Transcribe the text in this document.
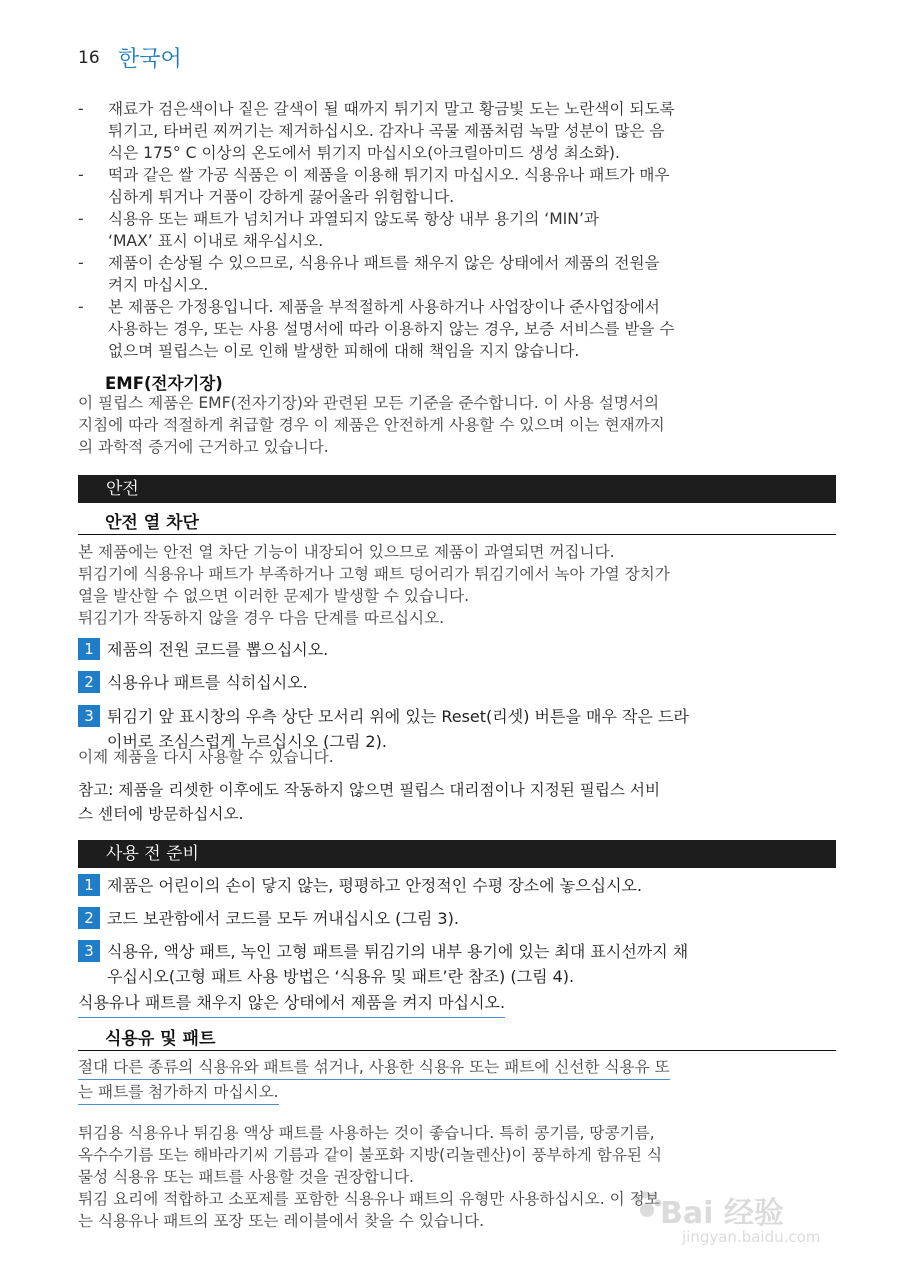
16 한국어
- 재료가 검은색이나 짙은 갈색이 될 때까지 튀기지 말고 황금빛 도는 노란색이 되도록
튀기고, 타버린 찌꺼기는 제거하십시오. 감자나 곡물 제품처럼 녹말 성분이 많은 음
식은 175° C 이상의 온도에서 튀기지 마십시오(아크릴아미드 생성 최소화).
- 떡과 같은 쌀 가공 식품은 이 제품을 이용해 튀기지 마십시오. 식용유나 패트가 매우
심하게 튀거나 거품이 강하게 끓어올라 위험합니다.
- 식용유 또는 패트가 넘치거나 과열되지 않도록 항상 내부 용기의 ‘MIN’과
‘MAX’ 표시 이내로 채우십시오.
- 제품이 손상될 수 있으므로, 식용유나 패트를 채우지 않은 상태에서 제품의 전원을
켜지 마십시오.
- 본 제품은 가정용입니다. 제품을 부적절하게 사용하거나 사업장이나 준사업장에서
사용하는 경우, 또는 사용 설명서에 따라 이용하지 않는 경우, 보증 서비스를 받을 수
없으며 필립스는 이로 인해 발생한 피해에 대해 책임을 지지 않습니다.
EMF(전자기장)
이 필립스 제품은 EMF(전자기장)와 관련된 모든 기준을 준수합니다. 이 사용 설명서의
지침에 따라 적절하게 취급할 경우 이 제품은 안전하게 사용할 수 있으며 이는 현재까지
의 과학적 증거에 근거하고 있습니다.
안전
안전 열 차단
본 제품에는 안전 열 차단 기능이 내장되어 있으므로 제품이 과열되면 꺼집니다.
튀김기에 식용유나 패트가 부족하거나 고형 패트 덩어리가 튀김기에서 녹아 가열 장치가
열을 발산할 수 없으면 이러한 문제가 발생할 수 있습니다.
튀김기가 작동하지 않을 경우 다음 단계를 따르십시오.
1 제품의 전원 코드를 뽑으십시오.
2 식용유나 패트를 식히십시오.
3 튀김기 앞 표시창의 우측 상단 모서리 위에 있는 Reset(리셋) 버튼을 매우 작은 드라
이버로 조심스럽게 누르십시오 (그림 2).
이제 제품을 다시 사용할 수 있습니다.
참고: 제품을 리셋한 이후에도 작동하지 않으면 필립스 대리점이나 지정된 필립스 서비
스 센터에 방문하십시오.
사용 전 준비
1 제품은 어린이의 손이 닿지 않는, 평평하고 안정적인 수평 장소에 놓으십시오.
2 코드 보관함에서 코드를 모두 꺼내십시오 (그림 3).
3 식용유, 액상 패트, 녹인 고형 패트를 튀김기의 내부 용기에 있는 최대 표시선까지 채
우십시오(고형 패트 사용 방법은 ‘식용유 및 패트’란 참조) (그림 4).
식용유나 패트를 채우지 않은 상태에서 제품을 켜지 마십시오.
식용유 및 패트
절대 다른 종류의 식용유와 패트를 섞거나, 사용한 식용유 또는 패트에 신선한 식용유 또
는 패트를 첨가하지 마십시오.
튀김용 식용유나 튀김용 액상 패트를 사용하는 것이 좋습니다. 특히 콩기름, 땅콩기름,
옥수수기름 또는 해바라기씨 기름과 같이 불포화 지방(리놀렌산)이 풍부하게 함유된 식
물성 식용유 또는 패트를 사용할 것을 권장합니다.
튀김 요리에 적합하고 소포제를 포함한 식용유나 패트의 유형만 사용하십시오. 이 정보
는 식용유나 패트의 포장 또는 레이블에서 찾을 수 있습니다.	Bai 经验
jingyan.baidu.com
